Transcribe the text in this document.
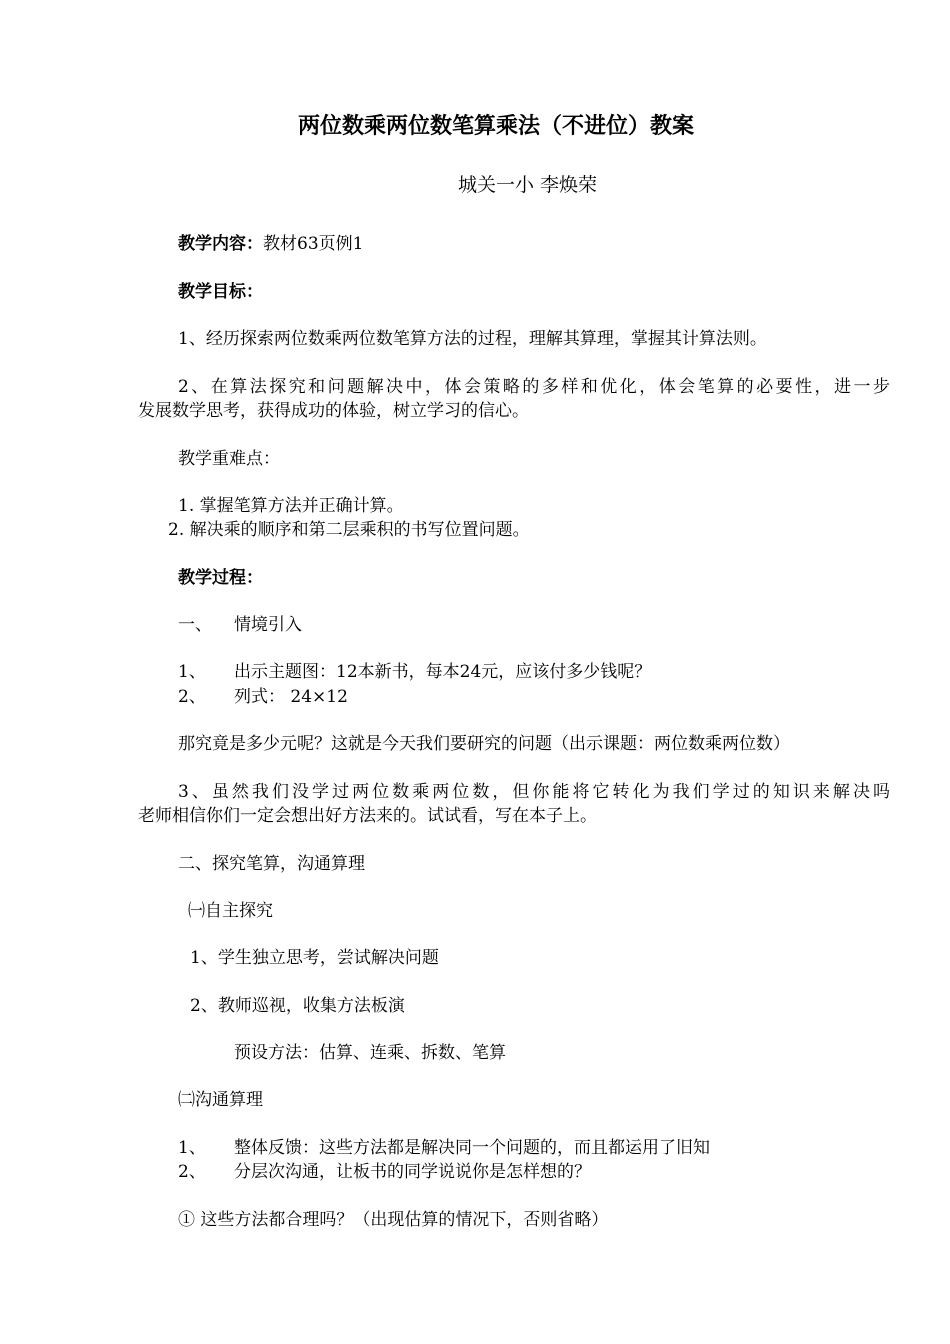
两位数乘两位数笔算乘法（不进位）教案
城关一小 李焕荣
教学内容：教材63页例1
教学目标：
1、经历探索两位数乘两位数笔算方法的过程，理解其算理，掌握其计算法则。
2、在算法探究和问题解决中，体会策略的多样和优化，体会笔算的必要性，进一步
发展数学思考，获得成功的体验，树立学习的信心。
教学重难点：
1. 掌握笔算方法并正确计算。
2. 解决乘的顺序和第二层乘积的书写位置问题。
教学过程：
一、 情境引入
1、 出示主题图：12本新书，每本24元，应该付多少钱呢？
2、 列式： 24×12
那究竟是多少元呢？这就是今天我们要研究的问题（出示课题：两位数乘两位数）
3、虽然我们没学过两位数乘两位数，但你能将它转化为我们学过的知识来解决吗
老师相信你们一定会想出好方法来的。试试看，写在本子上。
二、探究笔算，沟通算理
㈠自主探究
1、学生独立思考，尝试解决问题
2、教师巡视，收集方法板演
预设方法：估算、连乘、拆数、笔算
㈡沟通算理
1、 整体反馈：这些方法都是解决同一个问题的，而且都运用了旧知
2、 分层次沟通，让板书的同学说说你是怎样想的？
① 这些方法都合理吗？（出现估算的情况下，否则省略）
